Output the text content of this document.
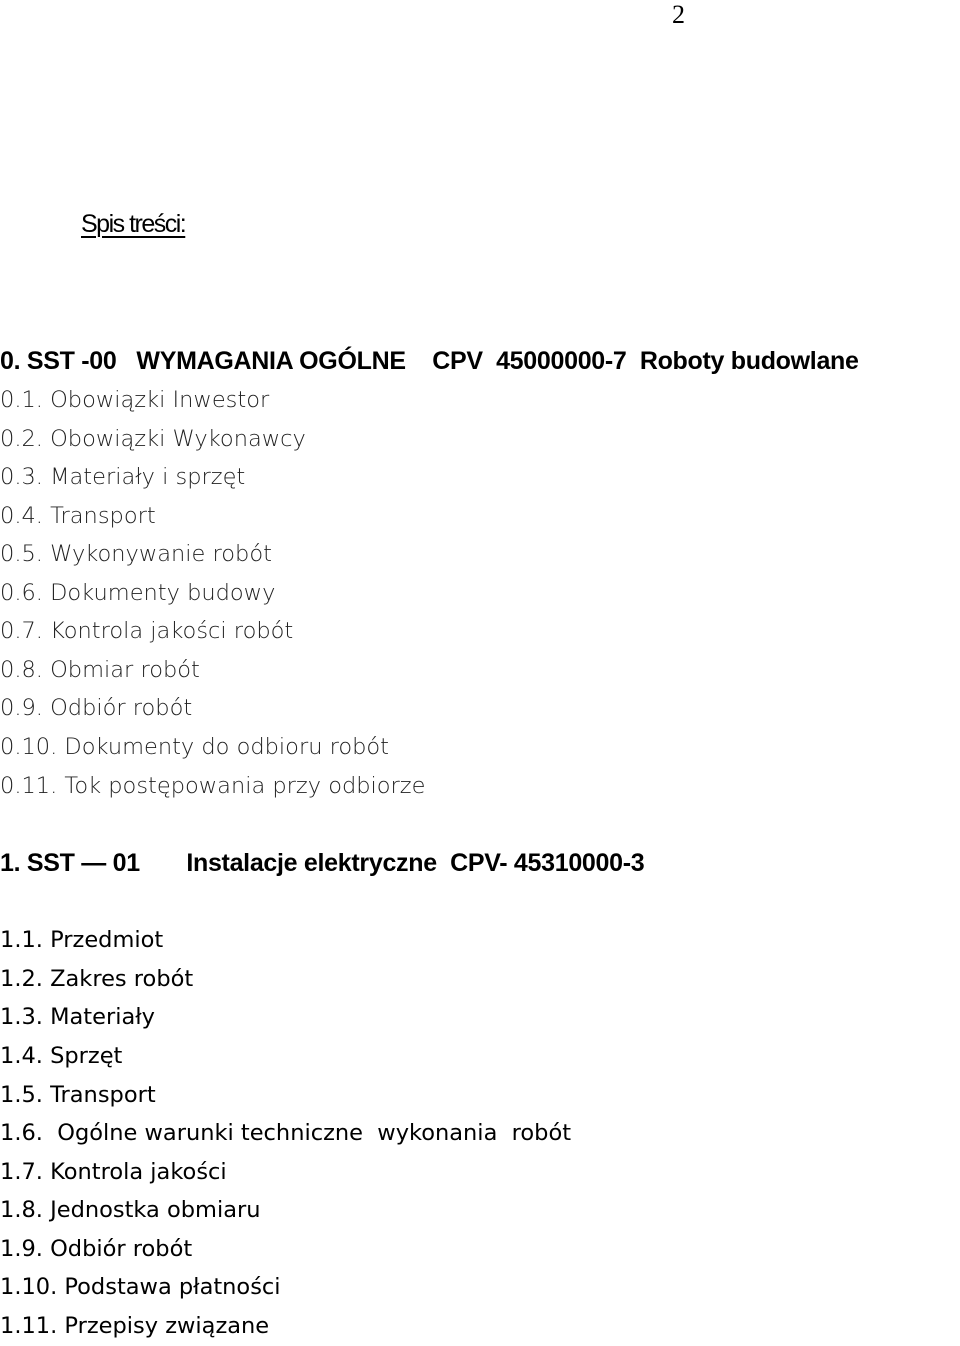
2
Spis treści:
0. SST -00   WYMAGANIA OGÓLNE    CPV  45000000-7  Roboty budowlane
0.1. Obowiązki Inwestor
0.2. Obowiązki Wykonawcy
0.3. Materiały i sprzęt
0.4. Transport
0.5. Wykonywanie robót
0.6. Dokumenty budowy
0.7. Kontrola jakości robót
0.8. Obmiar robót
0.9. Odbiór robót
0.10. Dokumenty do odbioru robót
0.11. Tok postępowania przy odbiorze
1. SST — 01       Instalacje elektryczne  CPV- 45310000-3
1.1. Przedmiot
1.2. Zakres robót
1.3. Materiały
1.4. Sprzęt
1.5. Transport
1.6.  Ogólne warunki techniczne  wykonania  robót
1.7. Kontrola jakości
1.8. Jednostka obmiaru
1.9. Odbiór robót
1.10. Podstawa płatności
1.11. Przepisy związane
